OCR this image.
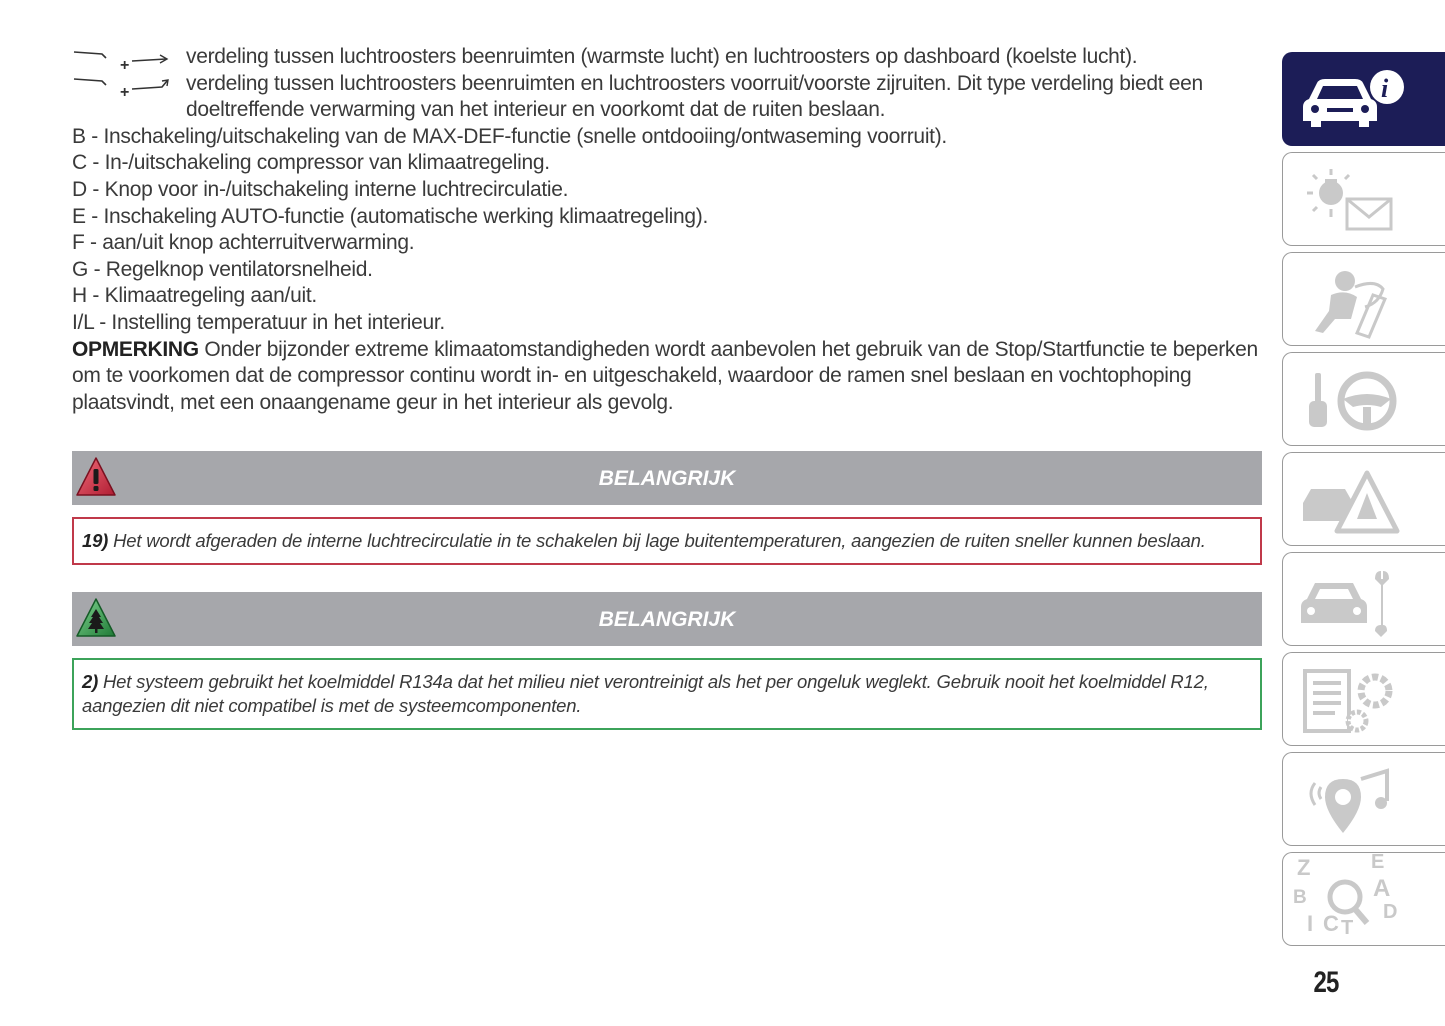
+	verdeling tussen luchtroosters beenruimten (warmste lucht) en luchtroosters op dashboard (koelste lucht).
+	verdeling tussen luchtroosters beenruimten en luchtroosters voorruit/voorste zijruiten. Dit type verdeling biedt een doeltreffende verwarming van het interieur en voorkomt dat de ruiten beslaan.
B - Inschakeling/uitschakeling van de MAX-DEF-functie (snelle ontdooiing/ontwaseming voorruit).
C - In-/uitschakeling compressor van klimaatregeling.
D - Knop voor in-/uitschakeling interne luchtrecirculatie.
E - Inschakeling AUTO-functie (automatische werking klimaatregeling).
F - aan/uit knop achterruitverwarming.
G - Regelknop ventilatorsnelheid.
H - Klimaatregeling aan/uit.
I/L - Instelling temperatuur in het interieur.
OPMERKING Onder bijzonder extreme klimaatomstandigheden wordt aanbevolen het gebruik van de Stop/Startfunctie te beperken om te voorkomen dat de compressor continu wordt in- en uitgeschakeld, waardoor de ramen snel beslaan en vochtophoping plaatsvindt, met een onaangename geur in het interieur als gevolg.
BELANGRIJK
19) Het wordt afgeraden de interne luchtrecirculatie in te schakelen bij lage buitentemperaturen, aangezien de ruiten sneller kunnen beslaan.
BELANGRIJK
2) Het systeem gebruikt het koelmiddel R134a dat het milieu niet verontreinigt als het per ongeluk weglekt. Gebruik nooit het koelmiddel R12, aangezien dit niet compatibel is met de systeemcomponenten.
i
Z	E
A
B
D
I C T
25
